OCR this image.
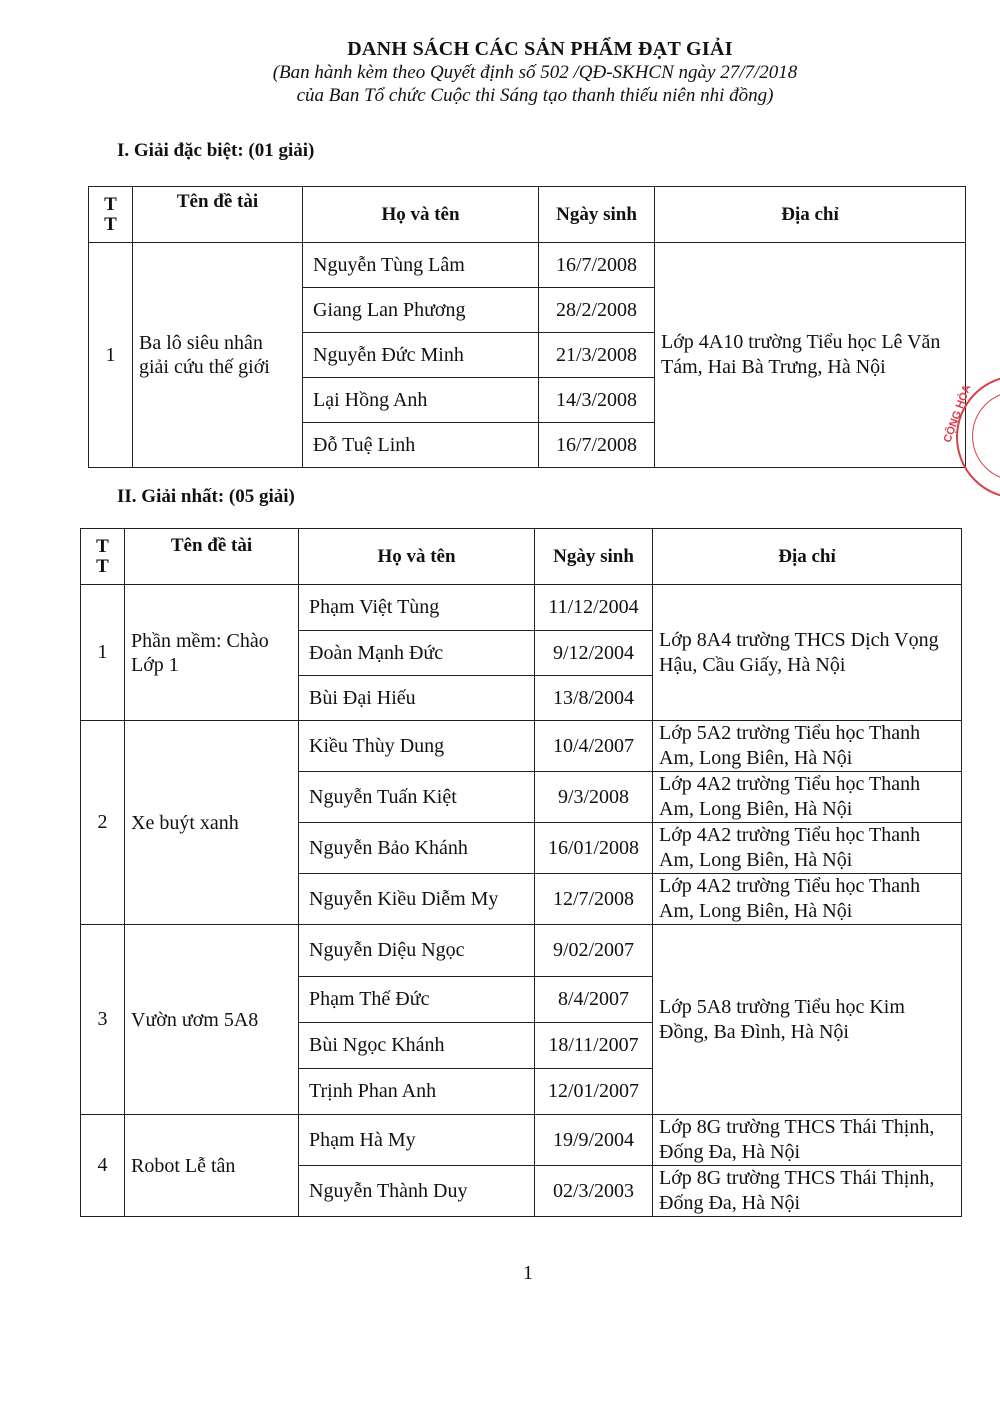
DANH SÁCH CÁC SẢN PHẨM ĐẠT GIẢI
(Ban hành kèm theo Quyết định số 502 /QĐ-SKHCN ngày 27/7/2018
của Ban Tổ chức Cuộc thi Sáng tạo thanh thiếu niên nhi đồng)
I. Giải đặc biệt: (01 giải)
T
T	Tên đề tài	Họ và tên	Ngày sinh	Địa chỉ
1	Ba lô siêu nhân giải cứu thế giới	Nguyễn Tùng Lâm	16/7/2008	Lớp 4A10 trường Tiểu học Lê Văn Tám, Hai Bà Trưng, Hà Nội
		Giang Lan Phương	28/2/2008	
		Nguyễn Đức Minh	21/3/2008	
		Lại Hồng Anh	14/3/2008	
		Đỗ Tuệ Linh	16/7/2008	
II. Giải nhất: (05 giải)
T
T	Tên đề tài	Họ và tên	Ngày sinh	Địa chỉ
1	Phần mềm: Chào Lớp 1	Phạm Việt Tùng	11/12/2004	Lớp 8A4 trường THCS Dịch Vọng Hậu, Cầu Giấy, Hà Nội
		Đoàn Mạnh Đức	9/12/2004	
		Bùi Đại Hiếu	13/8/2004	
2	Xe buýt xanh	Kiều Thùy Dung	10/4/2007	Lớp 5A2 trường Tiểu học Thanh Am, Long Biên, Hà Nội
		Nguyễn Tuấn Kiệt	9/3/2008	Lớp 4A2 trường Tiểu học Thanh Am, Long Biên, Hà Nội
		Nguyễn Bảo Khánh	16/01/2008	Lớp 4A2 trường Tiểu học Thanh Am, Long Biên, Hà Nội
		Nguyễn Kiều Diễm My	12/7/2008	Lớp 4A2 trường Tiểu học Thanh Am, Long Biên, Hà Nội
3	Vườn ươm 5A8	Nguyễn Diệu Ngọc	9/02/2007	Lớp 5A8 trường Tiểu học Kim Đồng, Ba Đình, Hà Nội
		Phạm Thế Đức	8/4/2007	
		Bùi Ngọc Khánh	18/11/2007	
		Trịnh Phan Anh	12/01/2007	
4	Robot Lễ tân	Phạm Hà My	19/9/2004	Lớp 8G trường THCS Thái Thịnh, Đống Đa, Hà Nội
		Nguyễn Thành Duy	02/3/2003	Lớp 8G trường THCS Thái Thịnh, Đống Đa, Hà Nội
CỘNG HÒA
1
